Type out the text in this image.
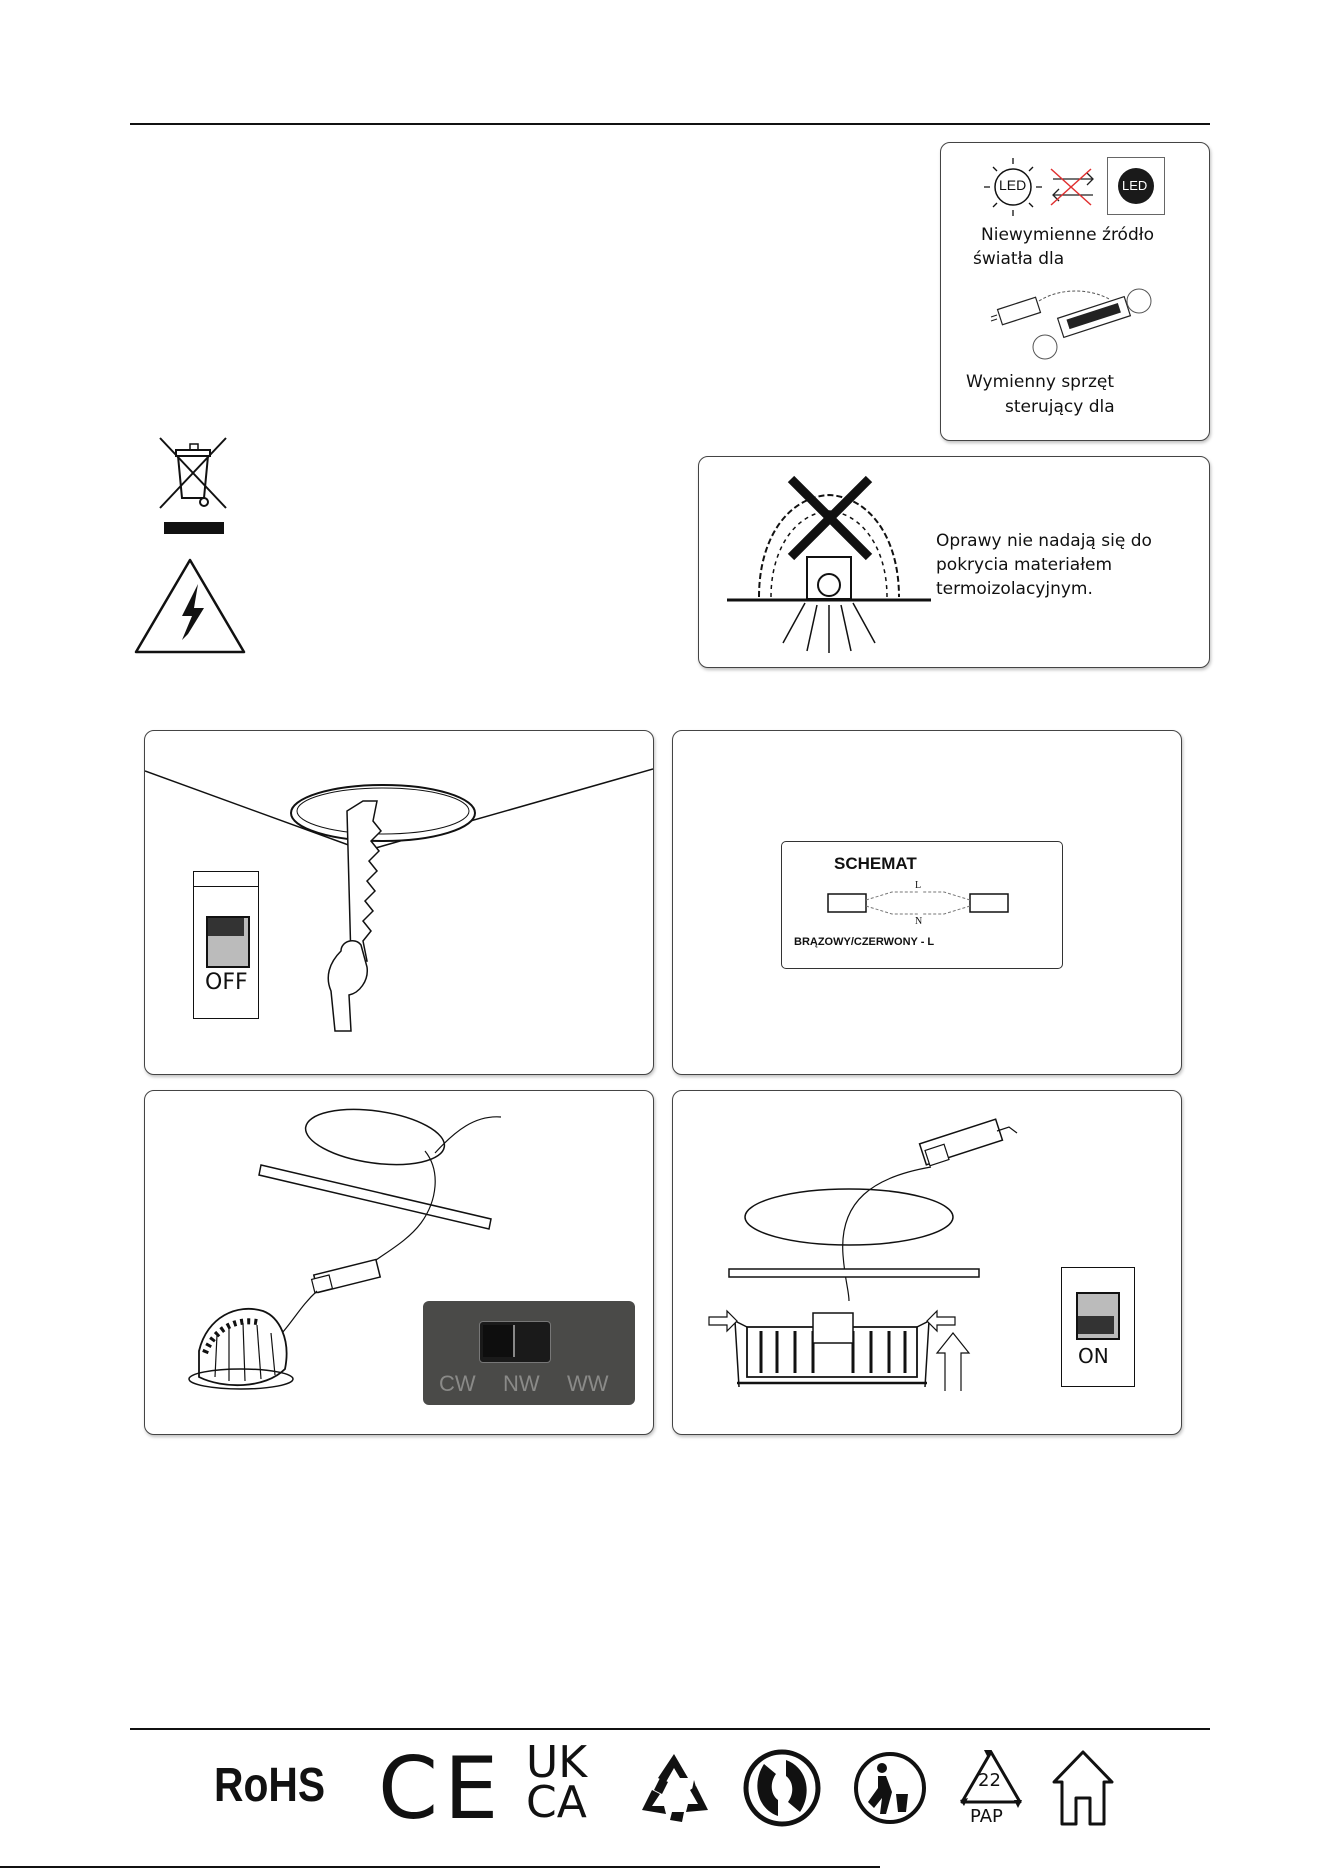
LED	LED
Niewymienne źródło
światła dla
Wymienny sprzęt
sterujący dla
Oprawy nie nadają się do
pokrycia materiałem
termoizolacyjnym.
OFF
SCHEMAT
L
N
BRĄZOWY/CZERWONY - L
CW NW WW
ON
RoHS CE UK
CA	22
PAP
